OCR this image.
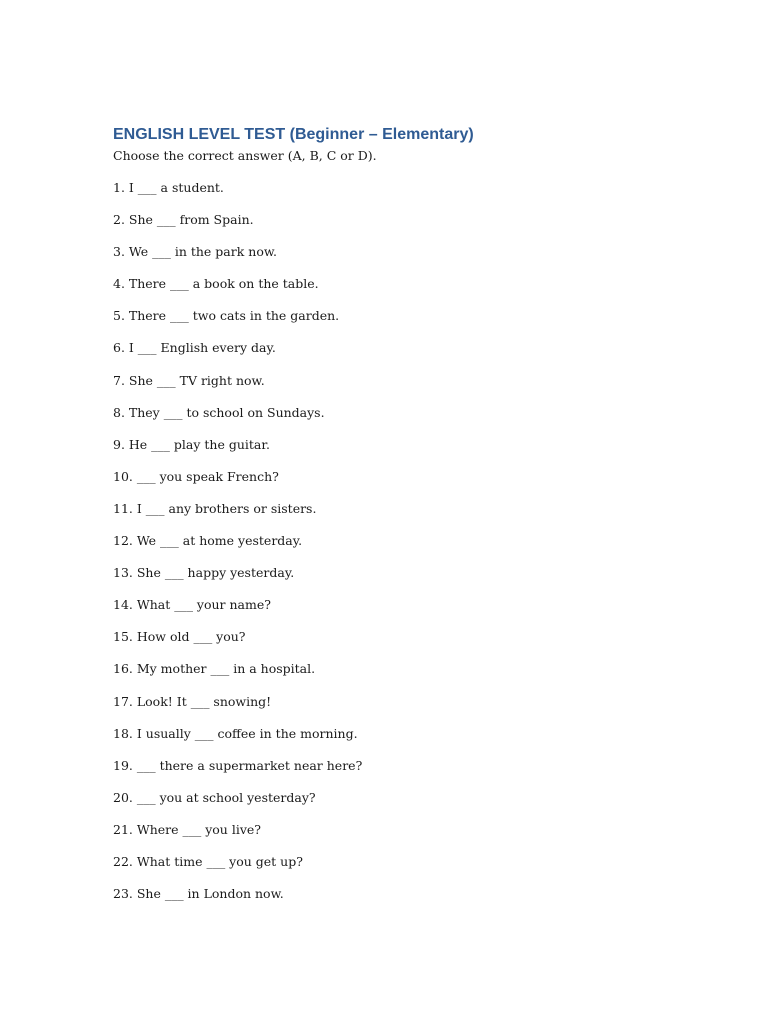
ENGLISH LEVEL TEST (Beginner – Elementary)

Choose the correct answer (A, B, C or D).

1. I ___ a student.
2. She ___ from Spain.
3. We ___ in the park now.
4. There ___ a book on the table.
5. There ___ two cats in the garden.
6. I ___ English every day.
7. She ___ TV right now.
8. They ___ to school on Sundays.
9. He ___ play the guitar.
10. ___ you speak French?
11. I ___ any brothers or sisters.
12. We ___ at home yesterday.
13. She ___ happy yesterday.
14. What ___ your name?
15. How old ___ you?
16. My mother ___ in a hospital.
17. Look! It ___ snowing!
18. I usually ___ coffee in the morning.
19. ___ there a supermarket near here?
20. ___ you at school yesterday?
21. Where ___ you live?
22. What time ___ you get up?
23. She ___ in London now.
